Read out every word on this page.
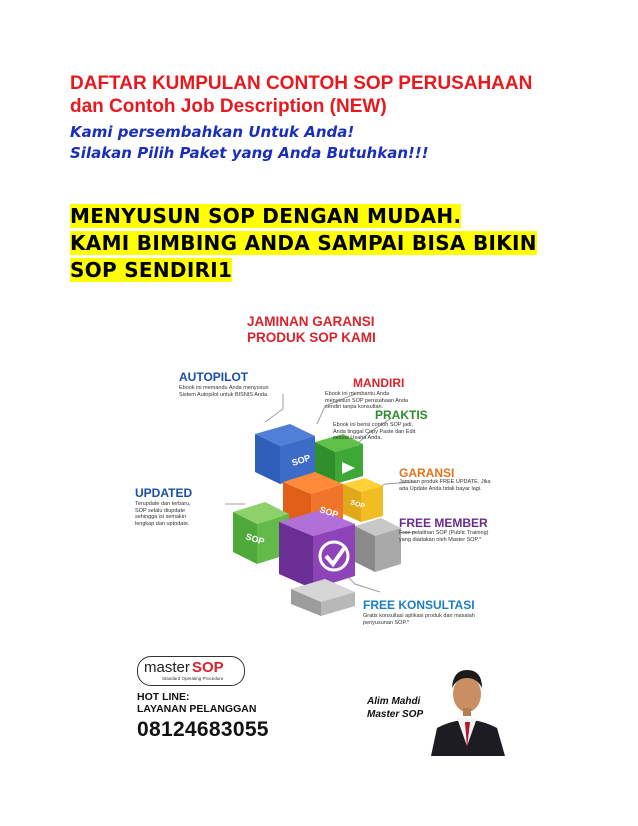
DAFTAR KUMPULAN CONTOH SOP PERUSAHAAN
dan Contoh Job Description (NEW)
Kami persembahkan Untuk Anda!
Silakan Pilih Paket yang Anda Butuhkan!!!
MENYUSUN SOP DENGAN MUDAH.
KAMI BIMBING ANDA SAMPAI BISA BIKIN
SOP SENDIRI1
JAMINAN GARANSI
PRODUK SOP KAMI
SOP
SOP SOP
SOP
AUTOPILOT
Ebook ini memandu Anda menyusun Sistem Autopilot untuk BISNIS Anda.
MANDIRI
Ebook ini membantu Anda menyusun SOP perusahaan Anda sendiri tanpa konsultan.
PRAKTIS
Ebook ini berisi contoh SOP jadi, Anda tinggal Copy Paste dan Edit sesuai Usaha Anda.
GARANSI
Jaminan produk FREE UPDATE. Jika ada Update Anda tidak bayar lagi.
UPDATED
Terupdate dan terbaru, SOP selalu diupdate sehingga isi semakin lengkap dan uptodate.	FREE MEMBER
Free pelatihan SOP (Public Training) yang diadakan oleh Master SOP.*
FREE KONSULTASI
Gratis konsultasi aplikasi produk dan masalah penyusunan SOP.*
master SOP
Standard Operating Procedure
HOT LINE:
LAYANAN PELANGGAN
08124683055
Alim Mahdi
Master SOP
